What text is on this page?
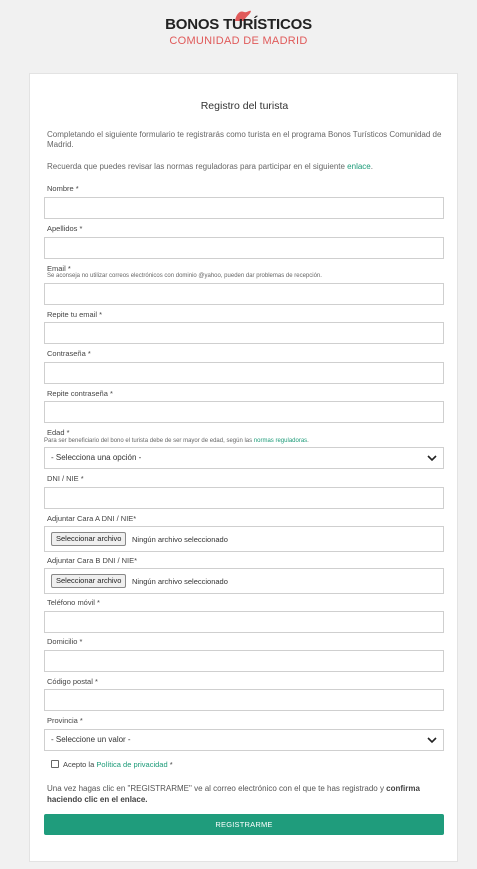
BONOS TURÍSTICOS
COMUNIDAD DE MADRID
Registro del turista
Completando el siguiente formulario te registrarás como turista en el programa Bonos Turísticos Comunidad de Madrid.
Recuerda que puedes revisar las normas reguladoras para participar en el siguiente enlace.
Nombre *
Apellidos *
Email *
Se aconseja no utilizar correos electrónicos con dominio @yahoo, pueden dar problemas de recepción.
Repite tu email *
Contraseña *
Repite contraseña *
Edad *
Para ser beneficiario del bono el turista debe de ser mayor de edad, según las normas reguladoras.
- Selecciona una opción -
DNI / NIE *
Adjuntar Cara A DNI / NIE*
Seleccionar archivo	Ningún archivo seleccionado
Adjuntar Cara B DNI / NIE*
Seleccionar archivo	Ningún archivo seleccionado
Teléfono móvil *
Domicilio *
Código postal *
Provincia *
- Seleccione un valor -
Acepto la Política de privacidad *
Una vez hagas clic en "REGISTRARME" ve al correo electrónico con el que te has registrado y confirma haciendo clic en el enlace.
REGISTRARME
